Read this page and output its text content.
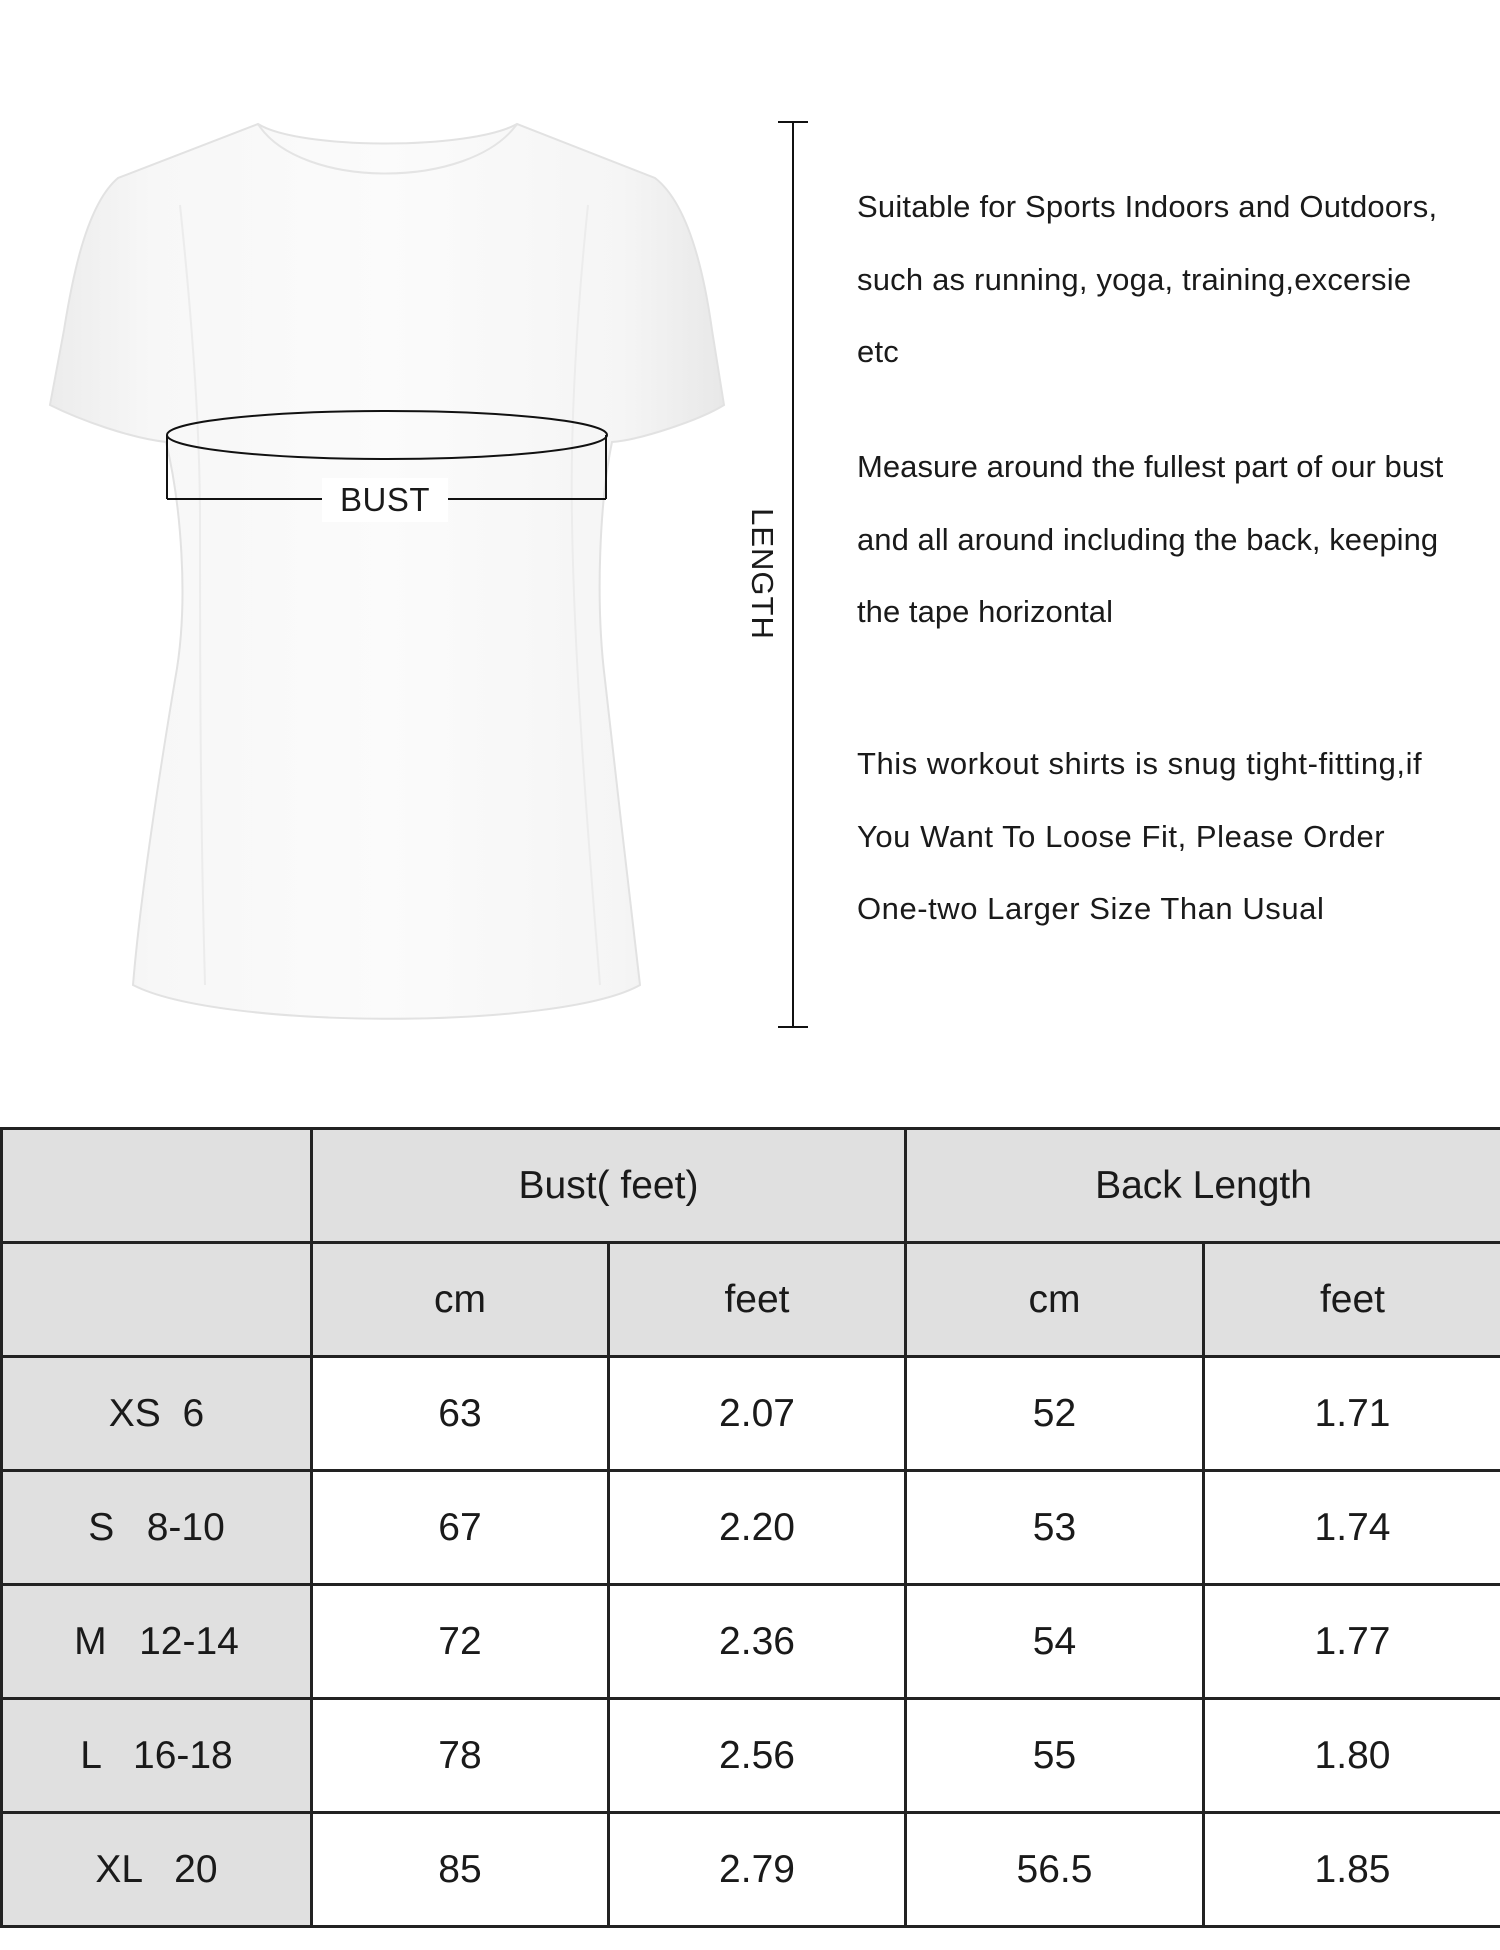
BUST
LENGTH
Suitable for Sports Indoors and Outdoors,
such as running, yoga, training,excersie
etc
Measure around the fullest part of our bust
and all around including the back, keeping
the tape horizontal
This workout shirts is snug tight-fitting,if
You Want To Loose Fit, Please Order
One-two Larger Size Than Usual
	Bust( feet)		Back Length	
	cm	feet	cm	feet
XS  6	63	2.07	52	1.71
S   8-10	67	2.20	53	1.74
M   12-14	72	2.36	54	1.77
L   16-18	78	2.56	55	1.80
XL   20	85	2.79	56.5	1.85
